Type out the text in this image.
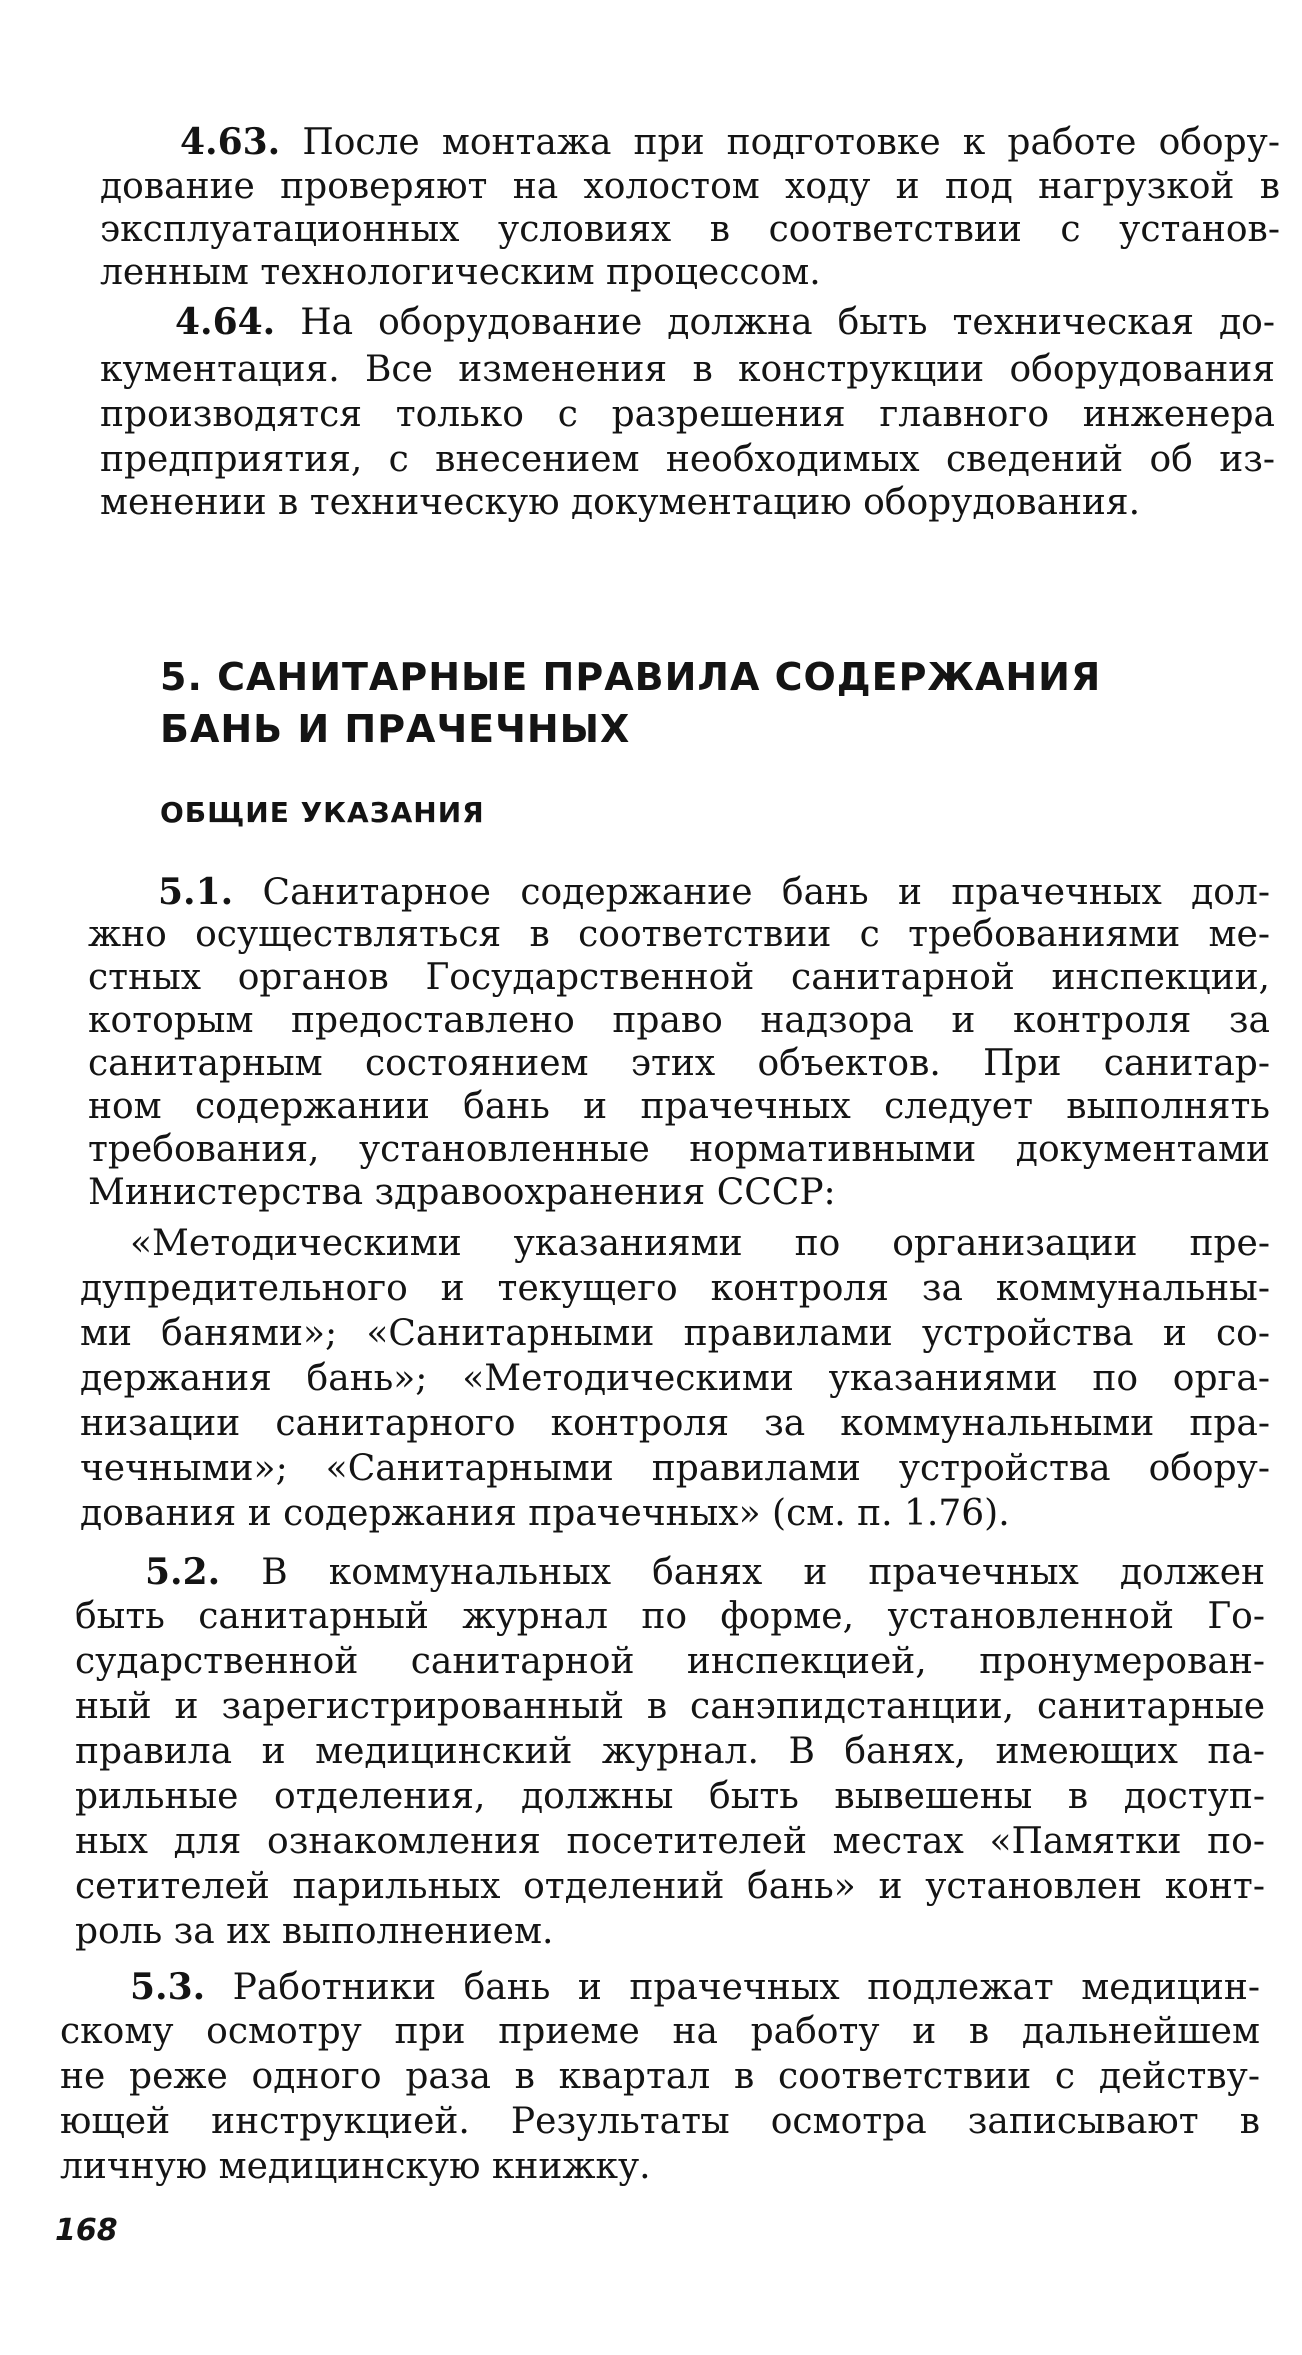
4.63. После монтажа при подготовке к работе обору-
дование проверяют на холостом ходу и под нагрузкой в
эксплуатационных условиях в соответствии с установ-
ленным технологическим процессом.
4.64. На оборудование должна быть техническая до-
кументация. Все изменения в конструкции оборудования
производятся только с разрешения главного инженера
предприятия, с внесением необходимых сведений об из-
менении в техническую документацию оборудования.
5. САНИТАРНЫЕ ПРАВИЛА СОДЕРЖАНИЯ
БАНЬ И ПРАЧЕЧНЫХ
ОБЩИЕ УКАЗАНИЯ
5.1. Санитарное содержание бань и прачечных дол-
жно осуществляться в соответствии с требованиями ме-
стных органов Государственной санитарной инспекции,
которым предоставлено право надзора и контроля за
санитарным состоянием этих объектов. При санитар-
ном содержании бань и прачечных следует выполнять
требования, установленные нормативными документами
Министерства здравоохранения СССР:
«Методическими указаниями по организации пре-
дупредительного и текущего контроля за коммунальны-
ми банями»; «Санитарными правилами устройства и со-
держания бань»; «Методическими указаниями по орга-
низации санитарного контроля за коммунальными пра-
чечными»; «Санитарными правилами устройства обору-
дования и содержания прачечных» (см. п. 1.76).
5.2. В коммунальных банях и прачечных должен
быть санитарный журнал по форме, установленной Го-
сударственной санитарной инспекцией, пронумерован-
ный и зарегистрированный в санэпидстанции, санитарные
правила и медицинский журнал. В банях, имеющих па-
рильные отделения, должны быть вывешены в доступ-
ных для ознакомления посетителей местах «Памятки по-
сетителей парильных отделений бань» и установлен конт-
роль за их выполнением.
5.3. Работники бань и прачечных подлежат медицин-
скому осмотру при приеме на работу и в дальнейшем
не реже одного раза в квартал в соответствии с действу-
ющей инструкцией. Результаты осмотра записывают в
личную медицинскую книжку.
168
